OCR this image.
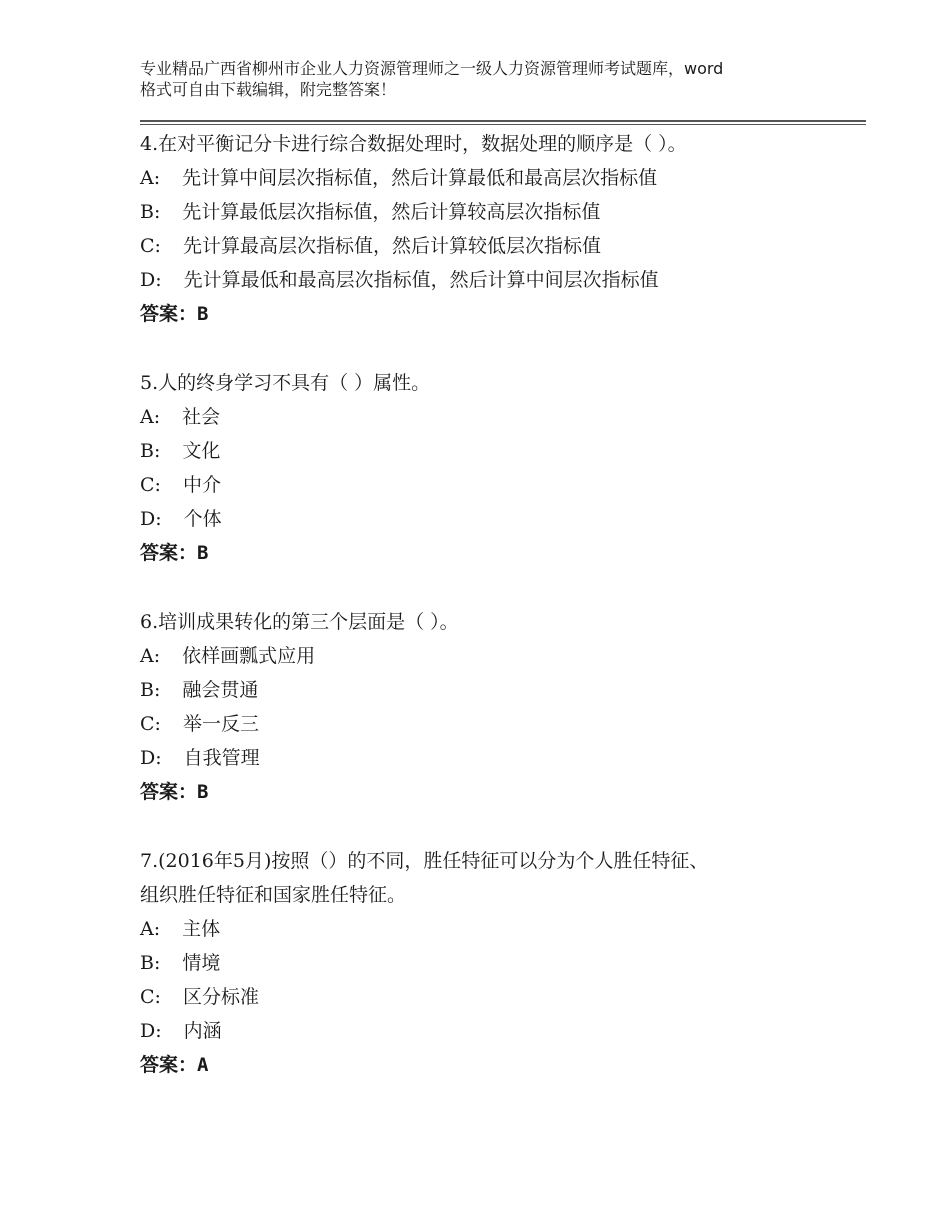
专业精品广西省柳州市企业人力资源管理师之一级人力资源管理师考试题库，word
格式可自由下载编辑，附完整答案！
4.在对平衡记分卡进行综合数据处理时，数据处理的顺序是（ ）。
A: 先计算中间层次指标值，然后计算最低和最高层次指标值
B: 先计算最低层次指标值，然后计算较高层次指标值
C: 先计算最高层次指标值，然后计算较低层次指标值
D: 先计算最低和最高层次指标值，然后计算中间层次指标值
答案：B
5.人的终身学习不具有（ ）属性。
A: 社会
B: 文化
C: 中介
D: 个体
答案：B
6.培训成果转化的第三个层面是（ ）。
A: 依样画瓢式应用
B: 融会贯通
C: 举一反三
D: 自我管理
答案：B
7.(2016年5月)按照（）的不同，胜任特征可以分为个人胜任特征、
组织胜任特征和国家胜任特征。
A: 主体
B: 情境
C: 区分标准
D: 内涵
答案：A
